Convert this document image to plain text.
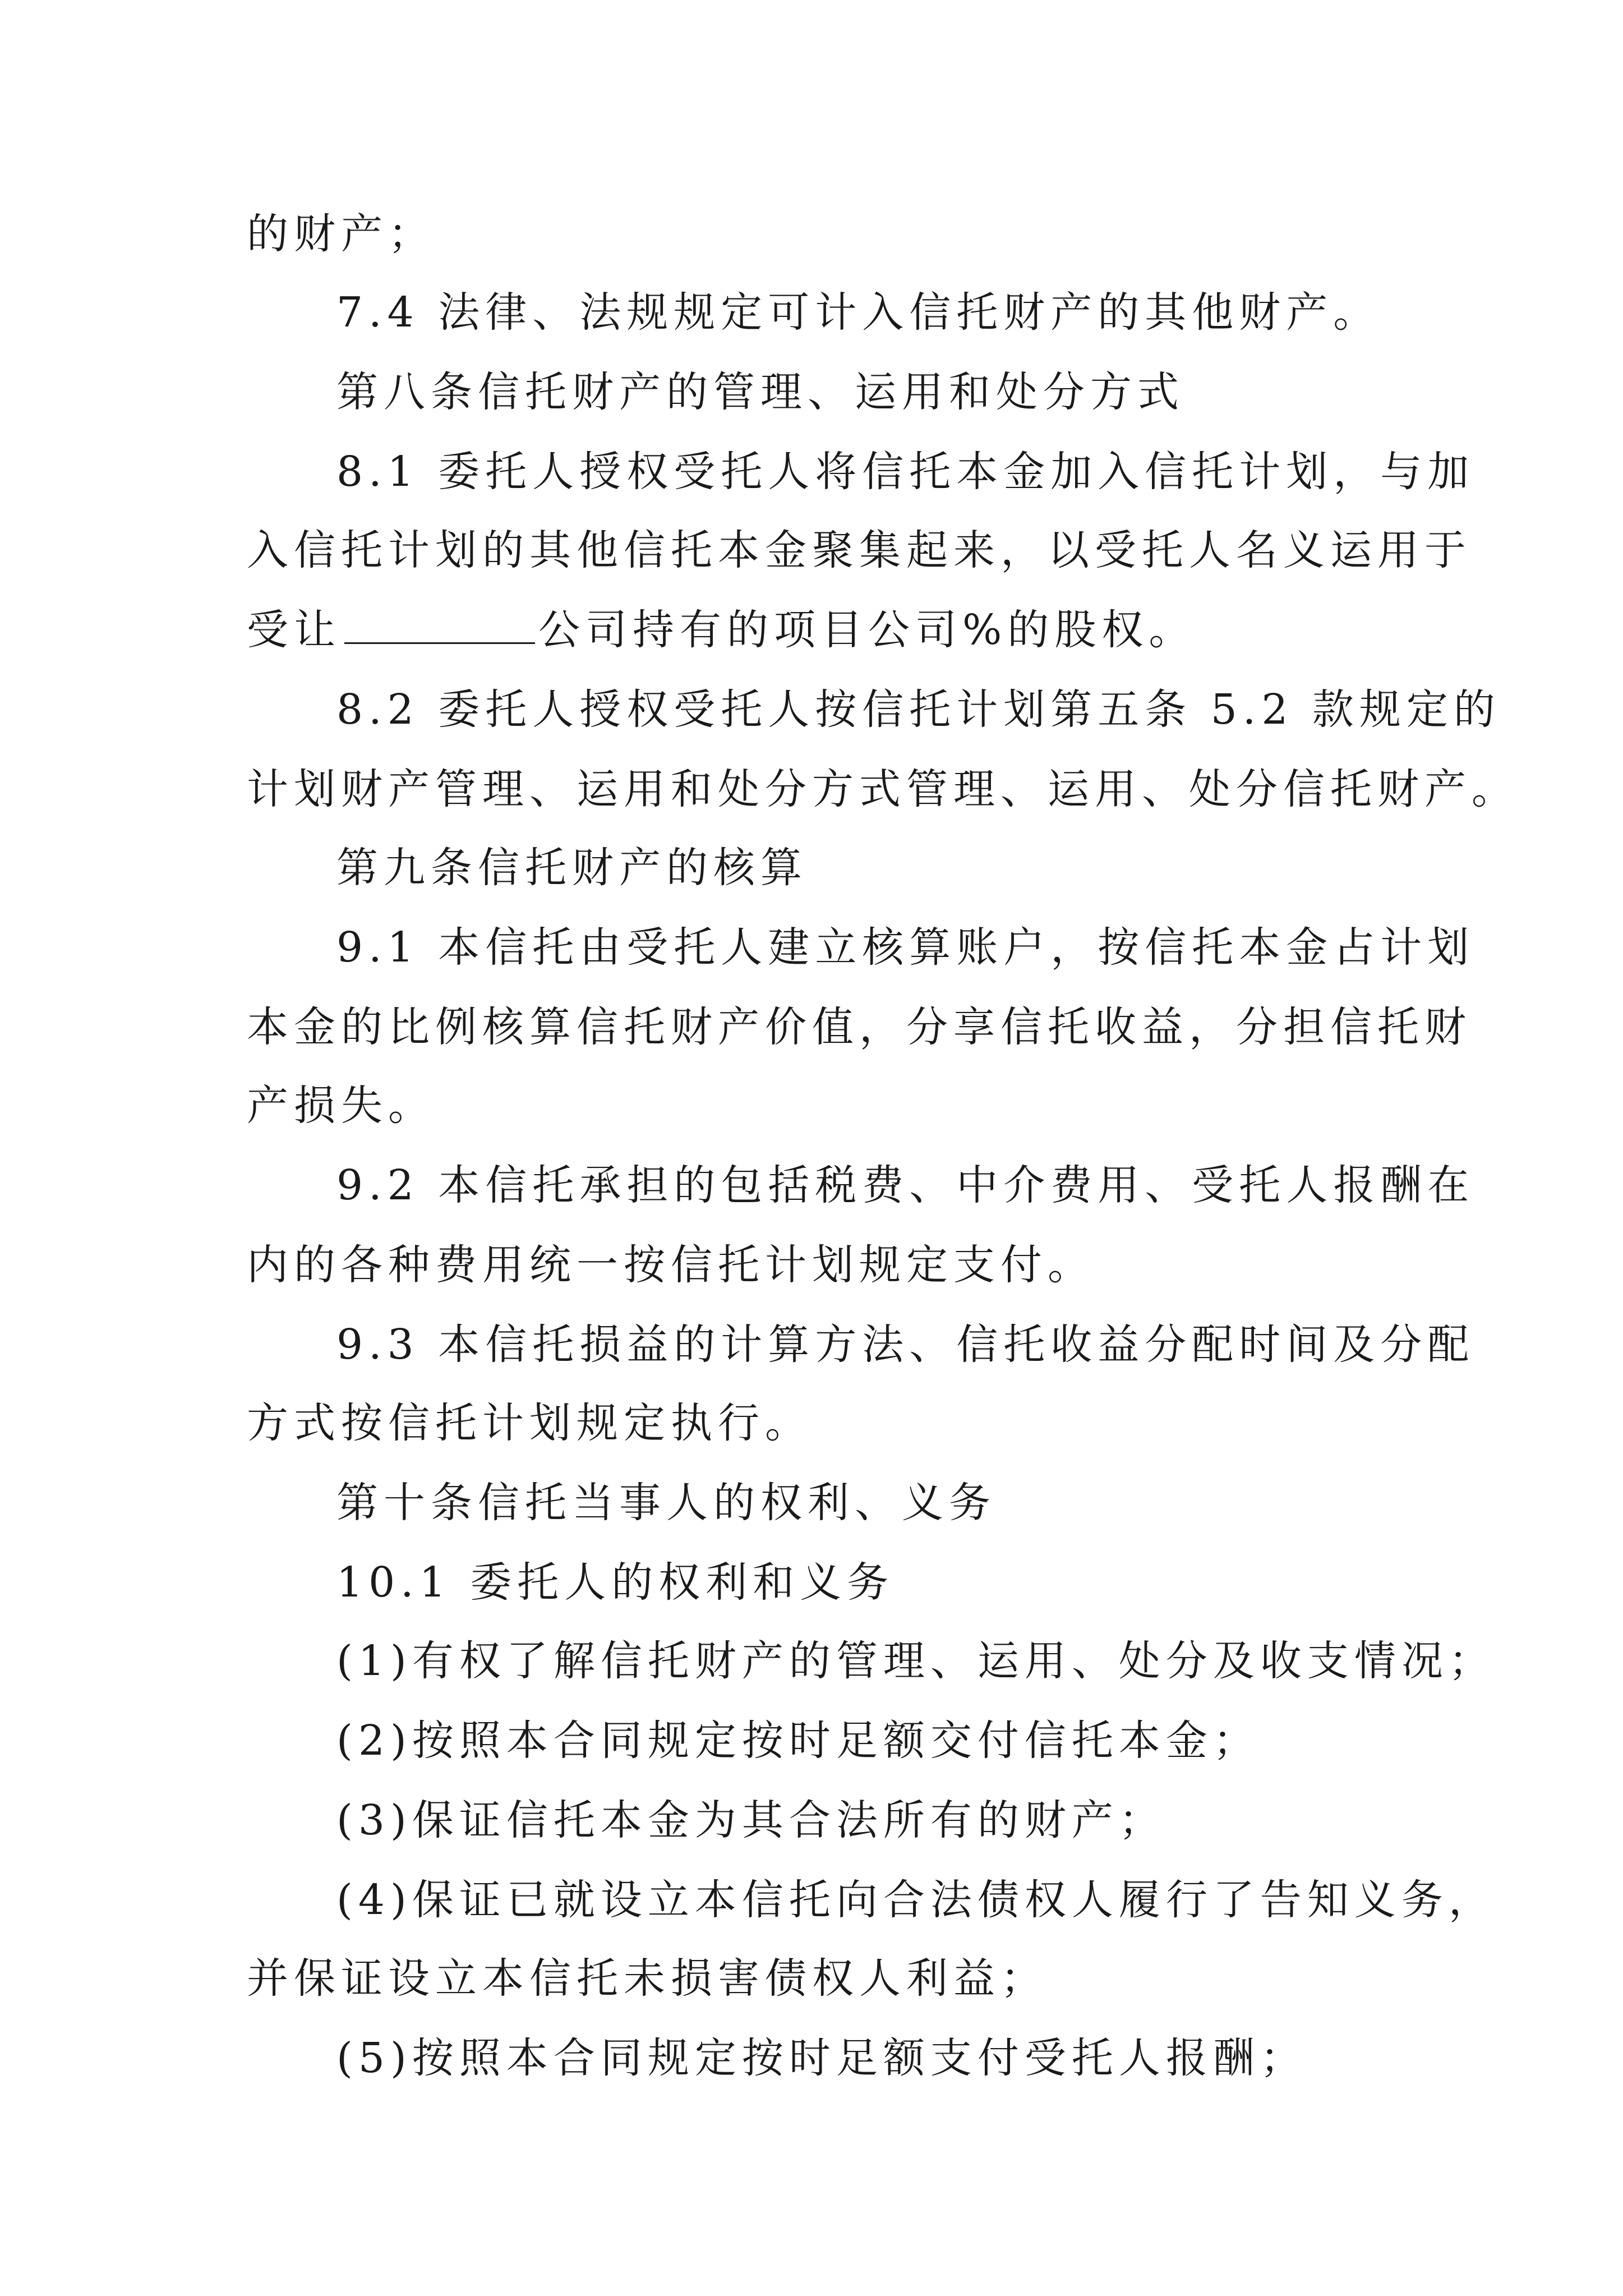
的财产；
7.4 法律、法规规定可计入信托财产的其他财产。
第八条信托财产的管理、运用和处分方式
8.1 委托人授权受托人将信托本金加入信托计划，与加
入信托计划的其他信托本金聚集起来，以受托人名义运用于
受让	公司持有的项目公司%的股权。
8.2 委托人授权受托人按信托计划第五条 5.2 款规定的
计划财产管理、运用和处分方式管理、运用、处分信托财产。
第九条信托财产的核算
9.1 本信托由受托人建立核算账户，按信托本金占计划
本金的比例核算信托财产价值，分享信托收益，分担信托财
产损失。
9.2 本信托承担的包括税费、中介费用、受托人报酬在
内的各种费用统一按信托计划规定支付。
9.3 本信托损益的计算方法、信托收益分配时间及分配
方式按信托计划规定执行。
第十条信托当事人的权利、义务
10.1 委托人的权利和义务
(1)有权了解信托财产的管理、运用、处分及收支情况；
(2)按照本合同规定按时足额交付信托本金；
(3)保证信托本金为其合法所有的财产；
(4)保证已就设立本信托向合法债权人履行了告知义务，
并保证设立本信托未损害债权人利益；
(5)按照本合同规定按时足额支付受托人报酬；
